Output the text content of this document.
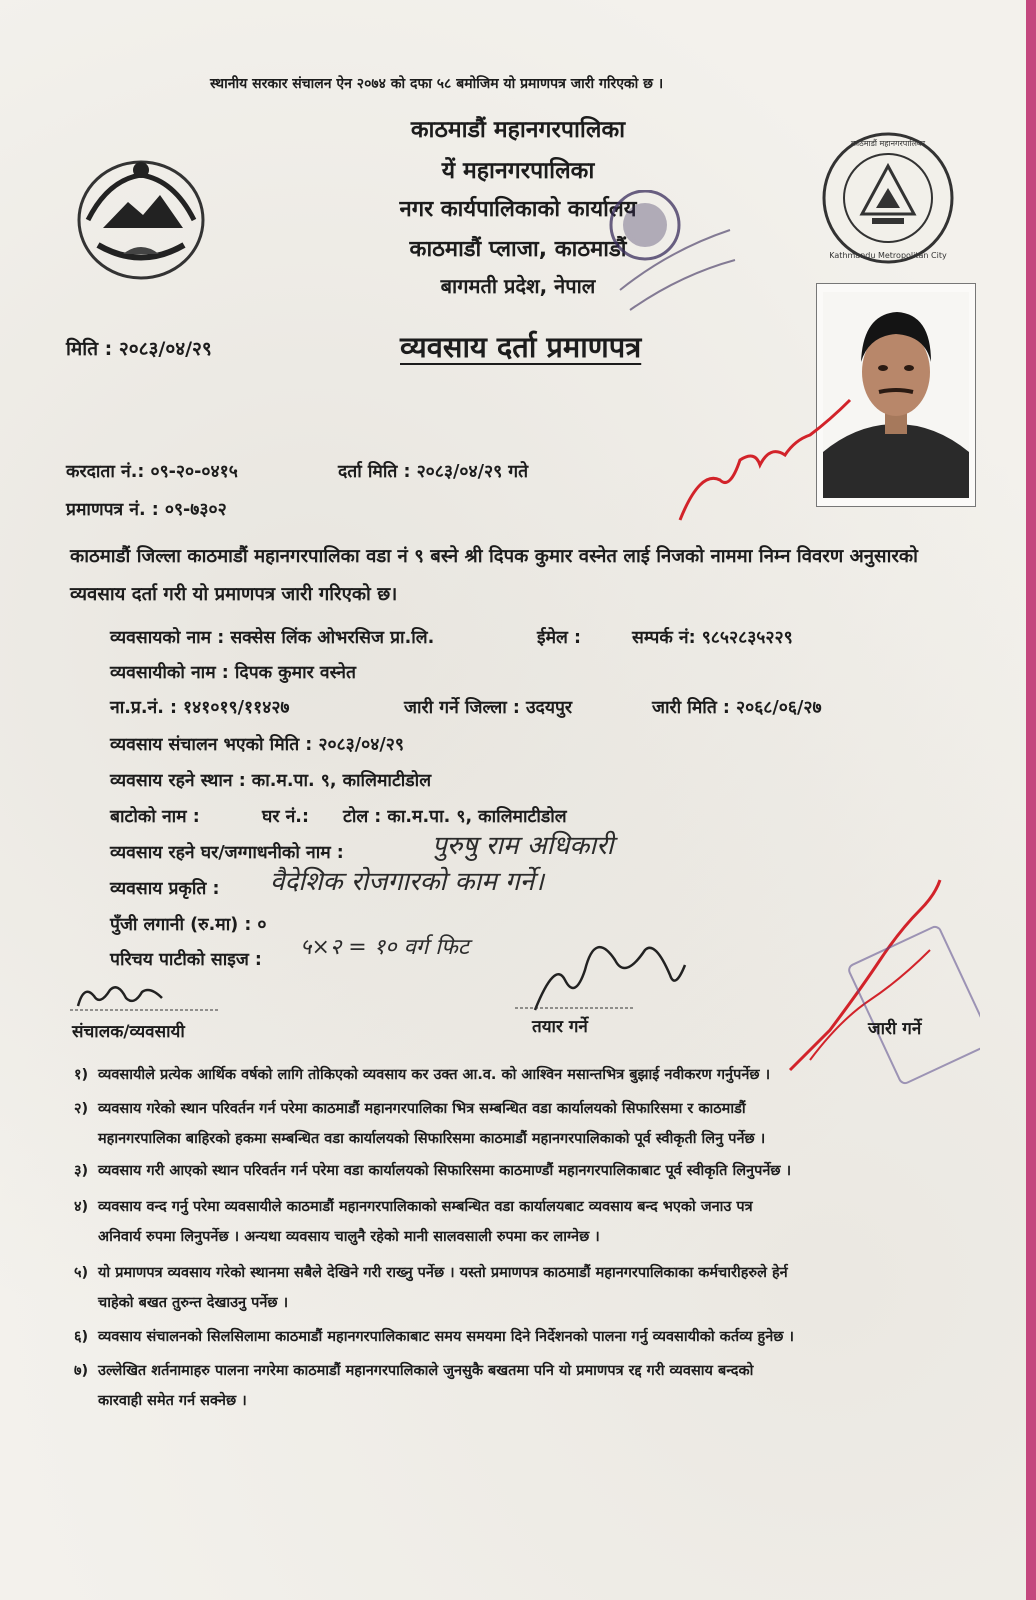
स्थानीय सरकार संचालन ऐन २०७४ को दफा ५८ बमोजिम यो प्रमाणपत्र जारी गरिएको छ ।
काठमाडौं महानगरपालिका
यें महानगरपालिका
नगर कार्यपालिकाको कार्यालय
काठमाडौं प्लाजा, काठमाडौं
बागमती प्रदेश, नेपाल
काठमाडौं महानगरपालिका
Kathmandu Metropolitan City
मिति : २०८३/०४/२९	व्यवसाय दर्ता प्रमाणपत्र
करदाता नं.: ०९-२०-०४१५	दर्ता मिति : २०८३/०४/२९ गते
प्रमाणपत्र नं. : ०९-७३०२
काठमाडौं जिल्ला काठमाडौं महानगरपालिका वडा नं ९ बस्ने श्री दिपक कुमार वस्नेत लाई निजको नाममा निम्न विवरण अनुसारको व्यवसाय दर्ता गरी यो प्रमाणपत्र जारी गरिएको छ।
व्यवसायको नाम : सक्सेस लिंक ओभरसिज प्रा.लि.	ईमेल :	सम्पर्क नं: ९८५२८३५२२९
व्यवसायीको नाम : दिपक कुमार वस्नेत
ना.प्र.नं. : १४१०१९/११४२७	जारी गर्ने जिल्ला : उदयपुर	जारी मिति : २०६८/०६/२७
व्यवसाय संचालन भएको मिति : २०८३/०४/२९
व्यवसाय रहने स्थान : का.म.पा. ९, कालिमाटीडोल
बाटोको नाम :	घर नं.: टोल : का.म.पा. ९, कालिमाटीडोल
व्यवसाय रहने घर/जग्गाधनीको नाम :	पुरुषु राम अधिकारी
व्यवसाय प्रकृति : वैदेशिक रोजगारको काम गर्ने।
पुँजी लगानी (रु.मा) : ०
परिचय पाटीको साइज : ५×२ = १० वर्ग फिट
संचालक/व्यवसायी	तयार गर्ने	जारी गर्ने
१) व्यवसायीले प्रत्येक आर्थिक वर्षको लागि तोकिएको व्यवसाय कर उक्त आ.व. को आश्विन मसान्तभित्र बुझाई नवीकरण गर्नुपर्नेछ ।
२) व्यवसाय गरेको स्थान परिवर्तन गर्न परेमा काठमाडौं महानगरपालिका भित्र सम्बन्धित वडा कार्यालयको सिफारिसमा र काठमाडौं
महानगरपालिका बाहिरको हकमा सम्बन्धित वडा कार्यालयको सिफारिसमा काठमाडौं महानगरपालिकाको पूर्व स्वीकृती लिनु पर्नेछ ।
३) व्यवसाय गरी आएको स्थान परिवर्तन गर्न परेमा वडा कार्यालयको सिफारिसमा काठमाण्डौं महानगरपालिकाबाट पूर्व स्वीकृति लिनुपर्नेछ ।
४) व्यवसाय वन्द गर्नु परेमा व्यवसायीले काठमाडौं महानगरपालिकाको सम्बन्धित वडा कार्यालयबाट व्यवसाय बन्द भएको जनाउ पत्र
अनिवार्य रुपमा लिनुपर्नेछ । अन्यथा व्यवसाय चालुनै रहेको मानी सालवसाली रुपमा कर लाग्नेछ ।
५) यो प्रमाणपत्र व्यवसाय गरेको स्थानमा सबैले देखिने गरी राख्नु पर्नेछ । यस्तो प्रमाणपत्र काठमाडौं महानगरपालिकाका कर्मचारीहरुले हेर्न
चाहेको बखत तुरुन्त देखाउनु पर्नेछ ।
६) व्यवसाय संचालनको सिलसिलामा काठमाडौं महानगरपालिकाबाट समय समयमा दिने निर्देशनको पालना गर्नु व्यवसायीको कर्तव्य हुनेछ ।
७) उल्लेखित शर्तनामाहरु पालना नगरेमा काठमाडौं महानगरपालिकाले जुनसुकै बखतमा पनि यो प्रमाणपत्र रद्द गरी व्यवसाय बन्दको
कारवाही समेत गर्न सक्नेछ ।
